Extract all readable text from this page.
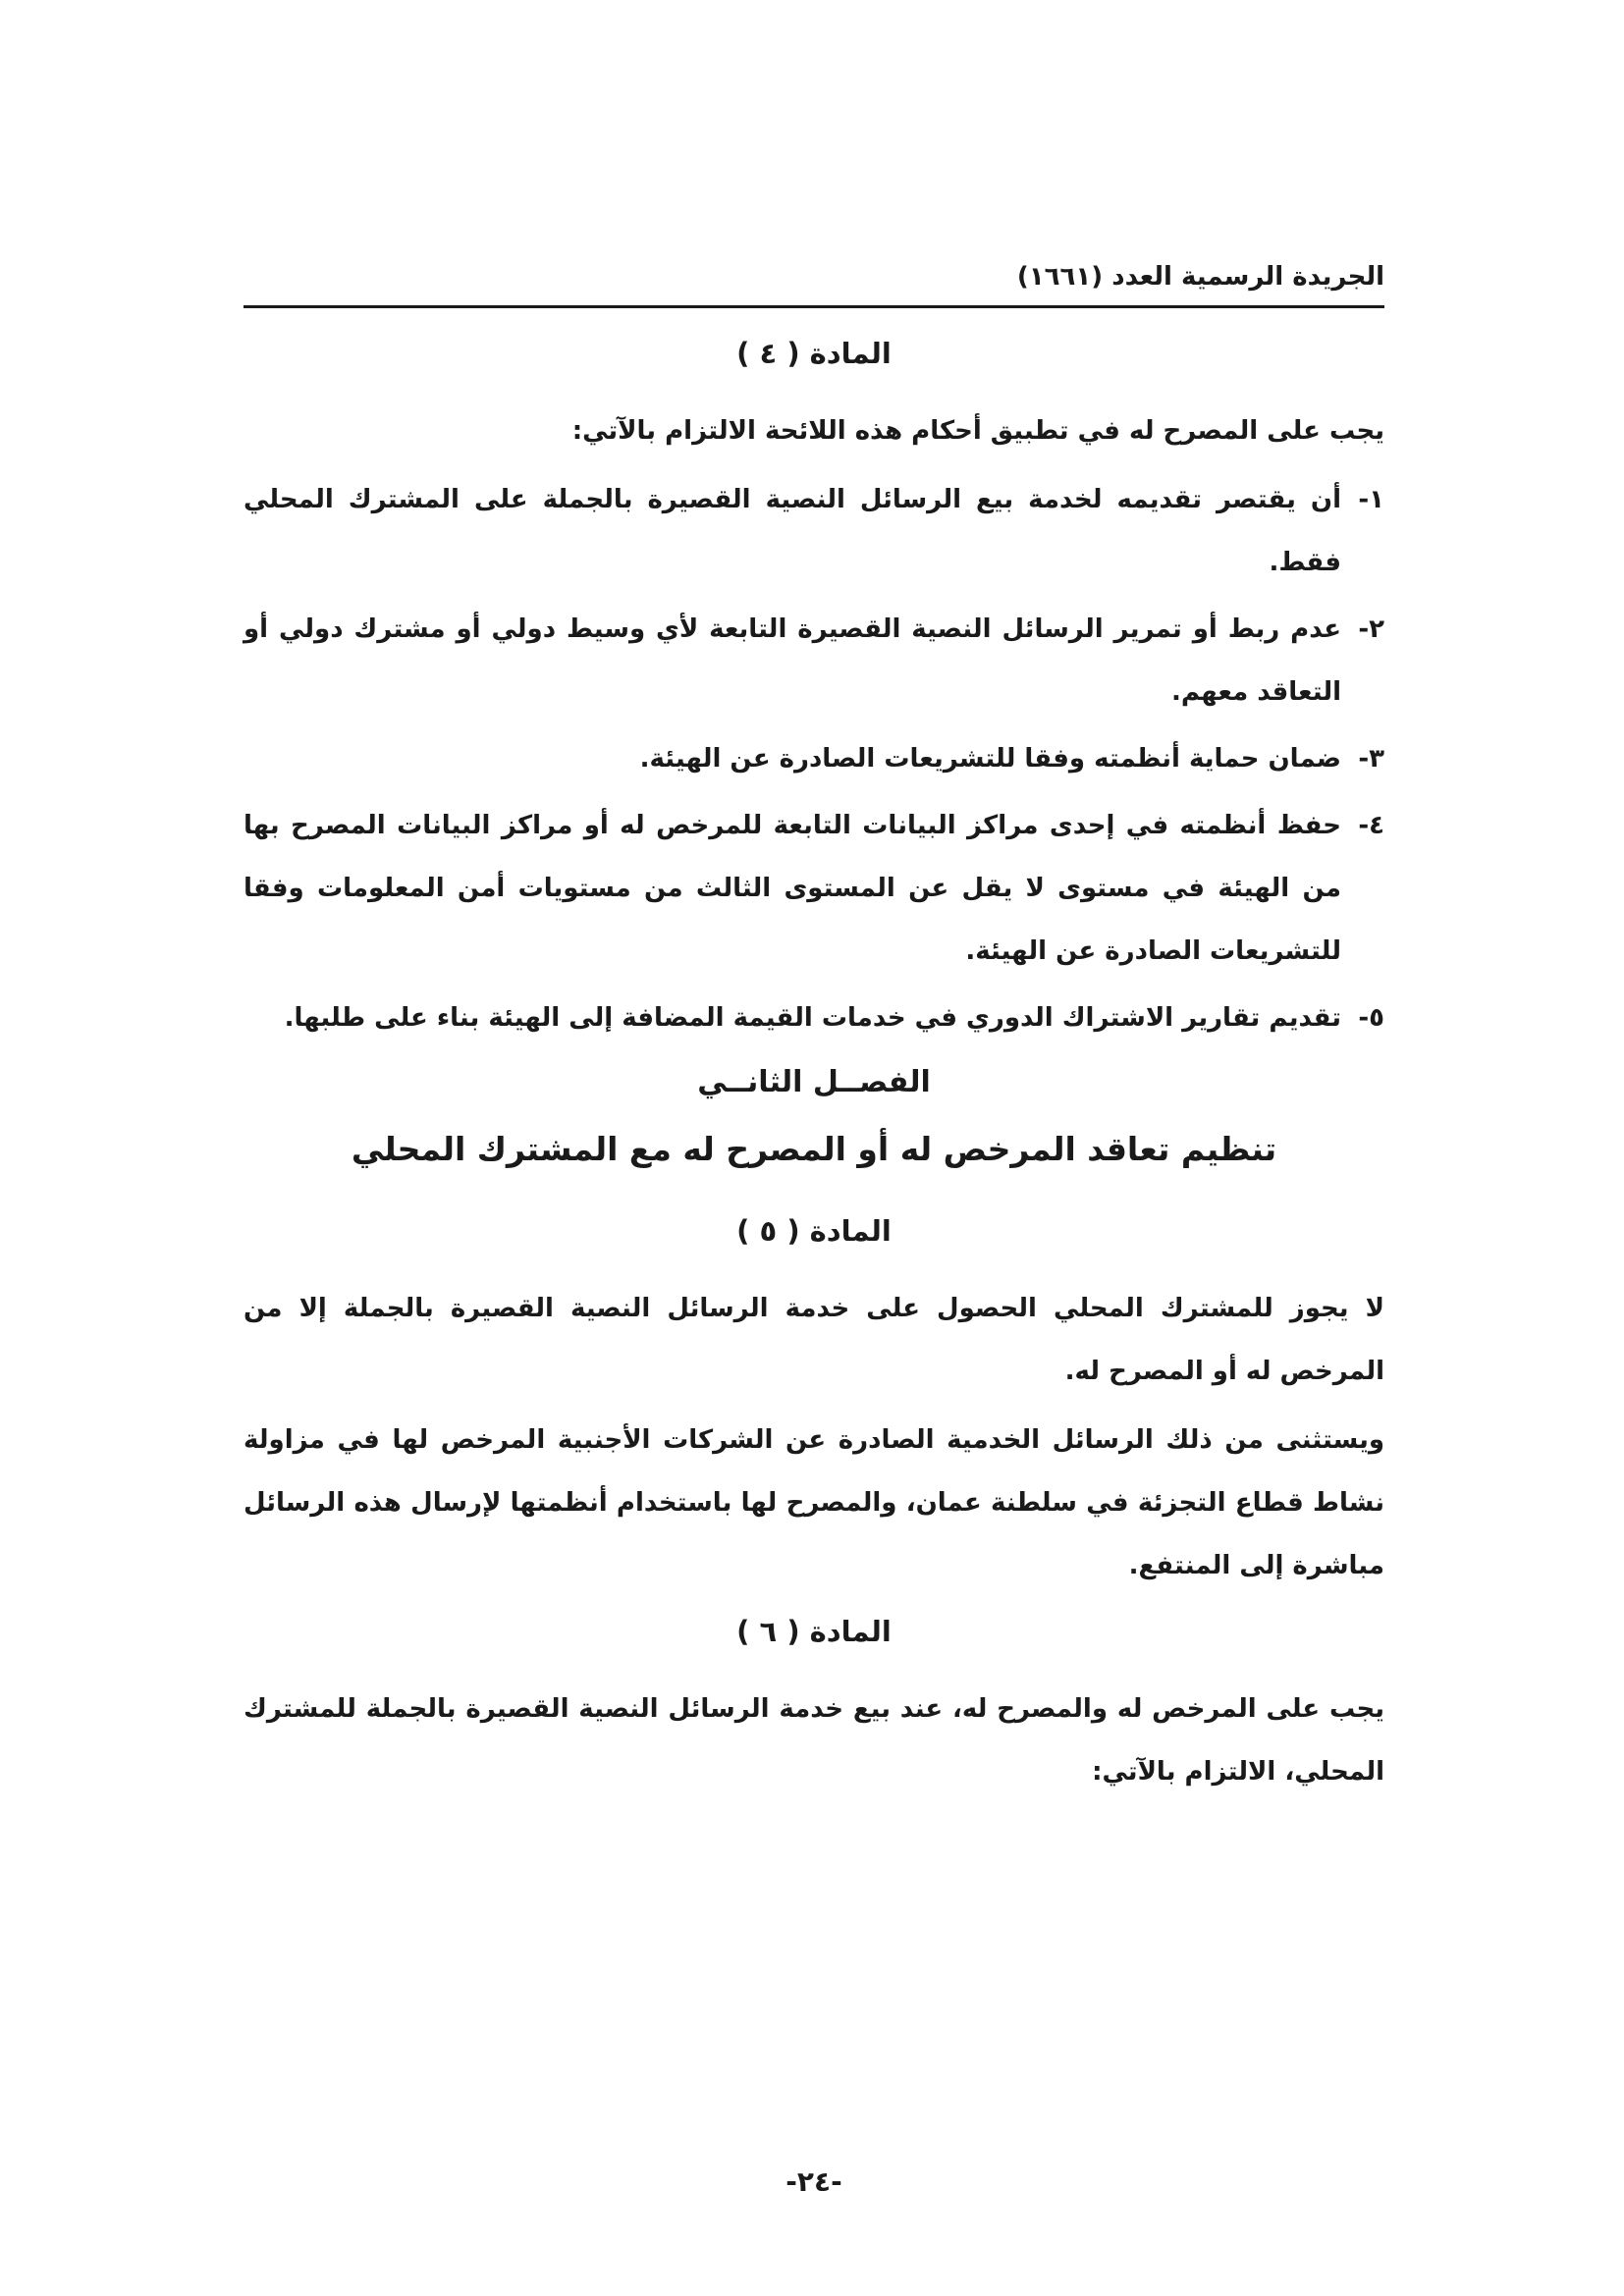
الجريدة الرسمية العدد (١٦٦١)
المادة ( ٤ )
يجب على المصرح له في تطبيق أحكام هذه اللائحة الالتزام بالآتي:
١-
أن يقتصر تقديمه لخدمة بيع الرسائل النصية القصيرة بالجملة على المشترك المحلي فقط.
٢-
عدم ربط أو تمرير الرسائل النصية القصيرة التابعة لأي وسيط دولي أو مشترك دولي أو التعاقد معهم.
٣-
ضمان حماية أنظمته وفقا للتشريعات الصادرة عن الهيئة.
٤-
حفظ أنظمته في إحدى مراكز البيانات التابعة للمرخص له أو مراكز البيانات المصرح بها من الهيئة في مستوى لا يقل عن المستوى الثالث من مستويات أمن المعلومات وفقا للتشريعات الصادرة عن الهيئة.
٥-
تقديم تقارير الاشتراك الدوري في خدمات القيمة المضافة إلى الهيئة بناء على طلبها.
الفصــل الثانــي
تنظيم تعاقد المرخص له أو المصرح له مع المشترك المحلي
المادة ( ٥ )
لا يجوز للمشترك المحلي الحصول على خدمة الرسائل النصية القصيرة بالجملة إلا من المرخص له أو المصرح له.
ويستثنى من ذلك الرسائل الخدمية الصادرة عن الشركات الأجنبية المرخص لها في مزاولة نشاط قطاع التجزئة في سلطنة عمان، والمصرح لها باستخدام أنظمتها لإرسال هذه الرسائل مباشرة إلى المنتفع.
المادة ( ٦ )
يجب على المرخص له والمصرح له، عند بيع خدمة الرسائل النصية القصيرة بالجملة للمشترك المحلي، الالتزام بالآتي:
-٢٤-
